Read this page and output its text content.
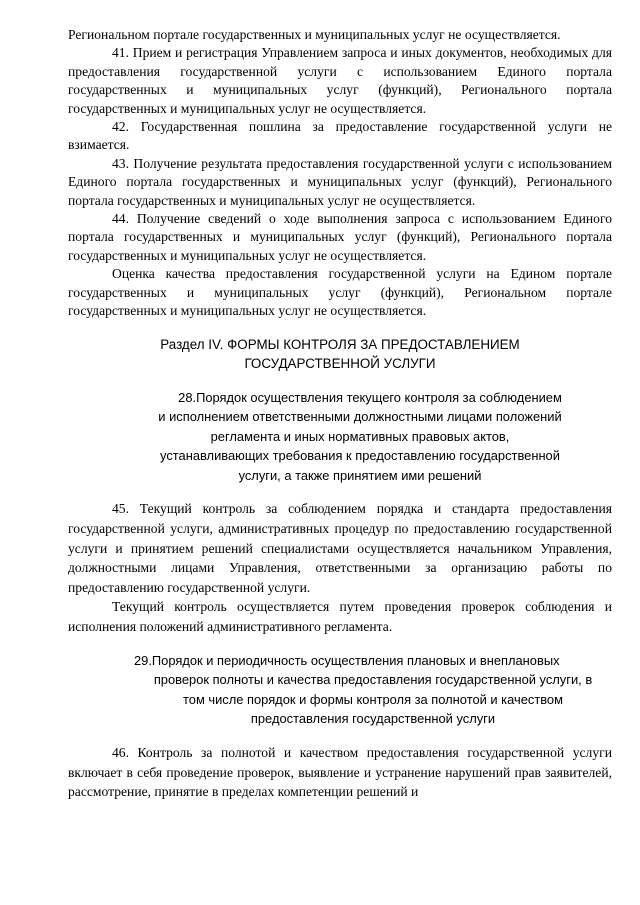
Региональном портале государственных и муниципальных услуг не осуществляется.

41. Прием и регистрация Управлением запроса и иных документов, необходимых для предоставления государственной услуги с использованием Единого портала государственных и муниципальных услуг (функций), Регионального портала государственных и муниципальных услуг не осуществляется.

42. Государственная пошлина за предоставление государственной услуги не взимается.

43. Получение результата предоставления государственной услуги с использованием Единого портала государственных и муниципальных услуг (функций), Регионального портала государственных и муниципальных услуг не осуществляется.

44. Получение сведений о ходе выполнения запроса с использованием Единого портала государственных и муниципальных услуг (функций), Регионального портала государственных и муниципальных услуг не осуществляется.

Оценка качества предоставления государственной услуги на Едином портале государственных и муниципальных услуг (функций), Региональном портале государственных и муниципальных услуг не осуществляется.

Раздел IV. ФОРМЫ КОНТРОЛЯ ЗА ПРЕДОСТАВЛЕНИЕМ

ГОСУДАРСТВЕННОЙ УСЛУГИ

28.Порядок осуществления текущего контроля за соблюдением

и исполнением ответственными должностными лицами положений

регламента и иных нормативных правовых актов,

устанавливающих требования к предоставлению государственной

услуги, а также принятием ими решений

45. Текущий контроль за соблюдением порядка и стандарта предоставления государственной услуги, административных процедур по предоставлению государственной услуги и принятием решений специалистами осуществляется начальником Управления, должностными лицами Управления, ответственными за организацию работы по предоставлению государственной услуги.

Текущий контроль осуществляется путем проведения проверок соблюдения и исполнения положений административного регламента.

29.Порядок и периодичность осуществления плановых и внеплановых

проверок полноты и качества предоставления государственной услуги, в

том числе порядок и формы контроля за полнотой и качеством

предоставления государственной услуги

46. Контроль за полнотой и качеством предоставления государственной услуги включает в себя проведение проверок, выявление и устранение нарушений прав заявителей, рассмотрение, принятие в пределах компетенции решений и
